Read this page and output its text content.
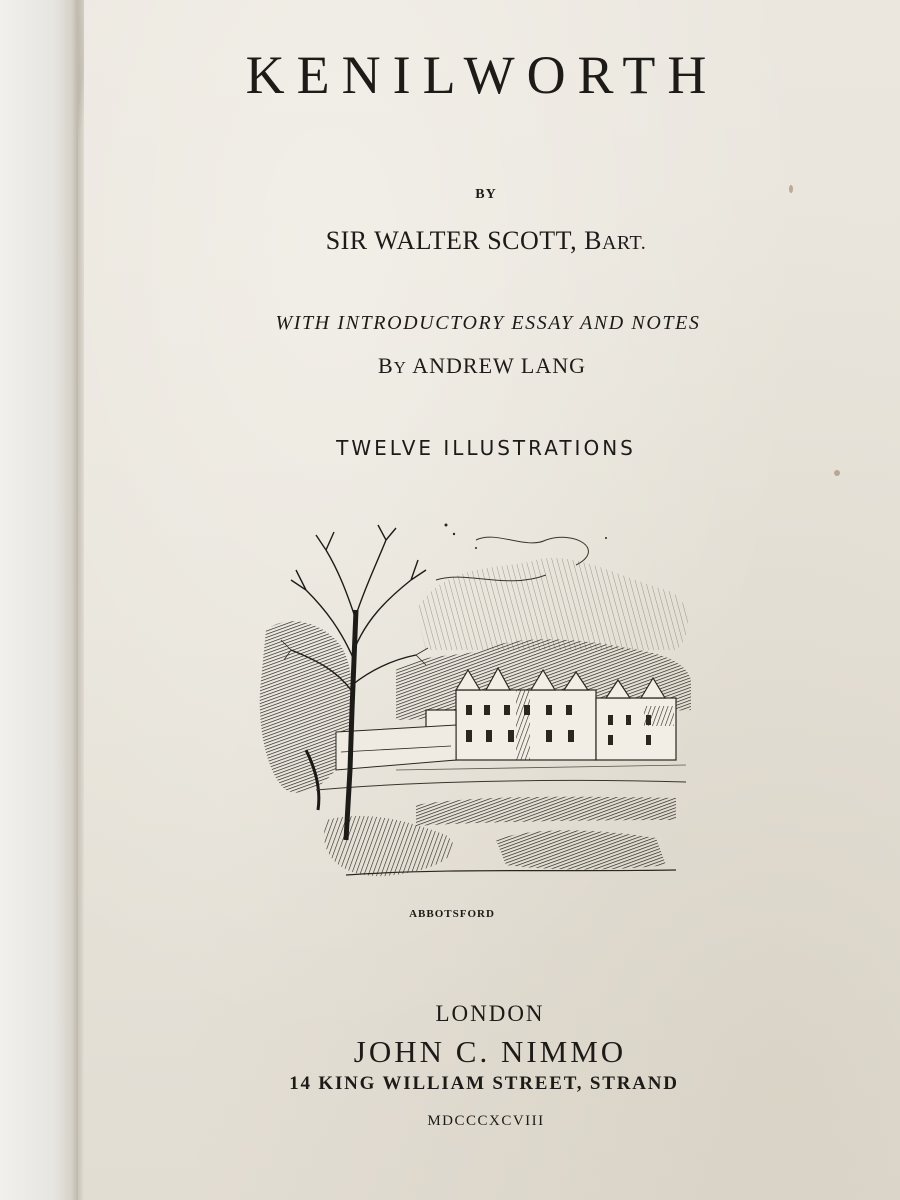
KENILWORTH
BY
SIR WALTER SCOTT, BART.
WITH INTRODUCTORY ESSAY AND NOTES
BY ANDREW LANG
TWELVE ILLUSTRATIONS
ABBOTSFORD
LONDON
JOHN C. NIMMO
14 KING WILLIAM STREET, STRAND
MDCCCXCVIII
